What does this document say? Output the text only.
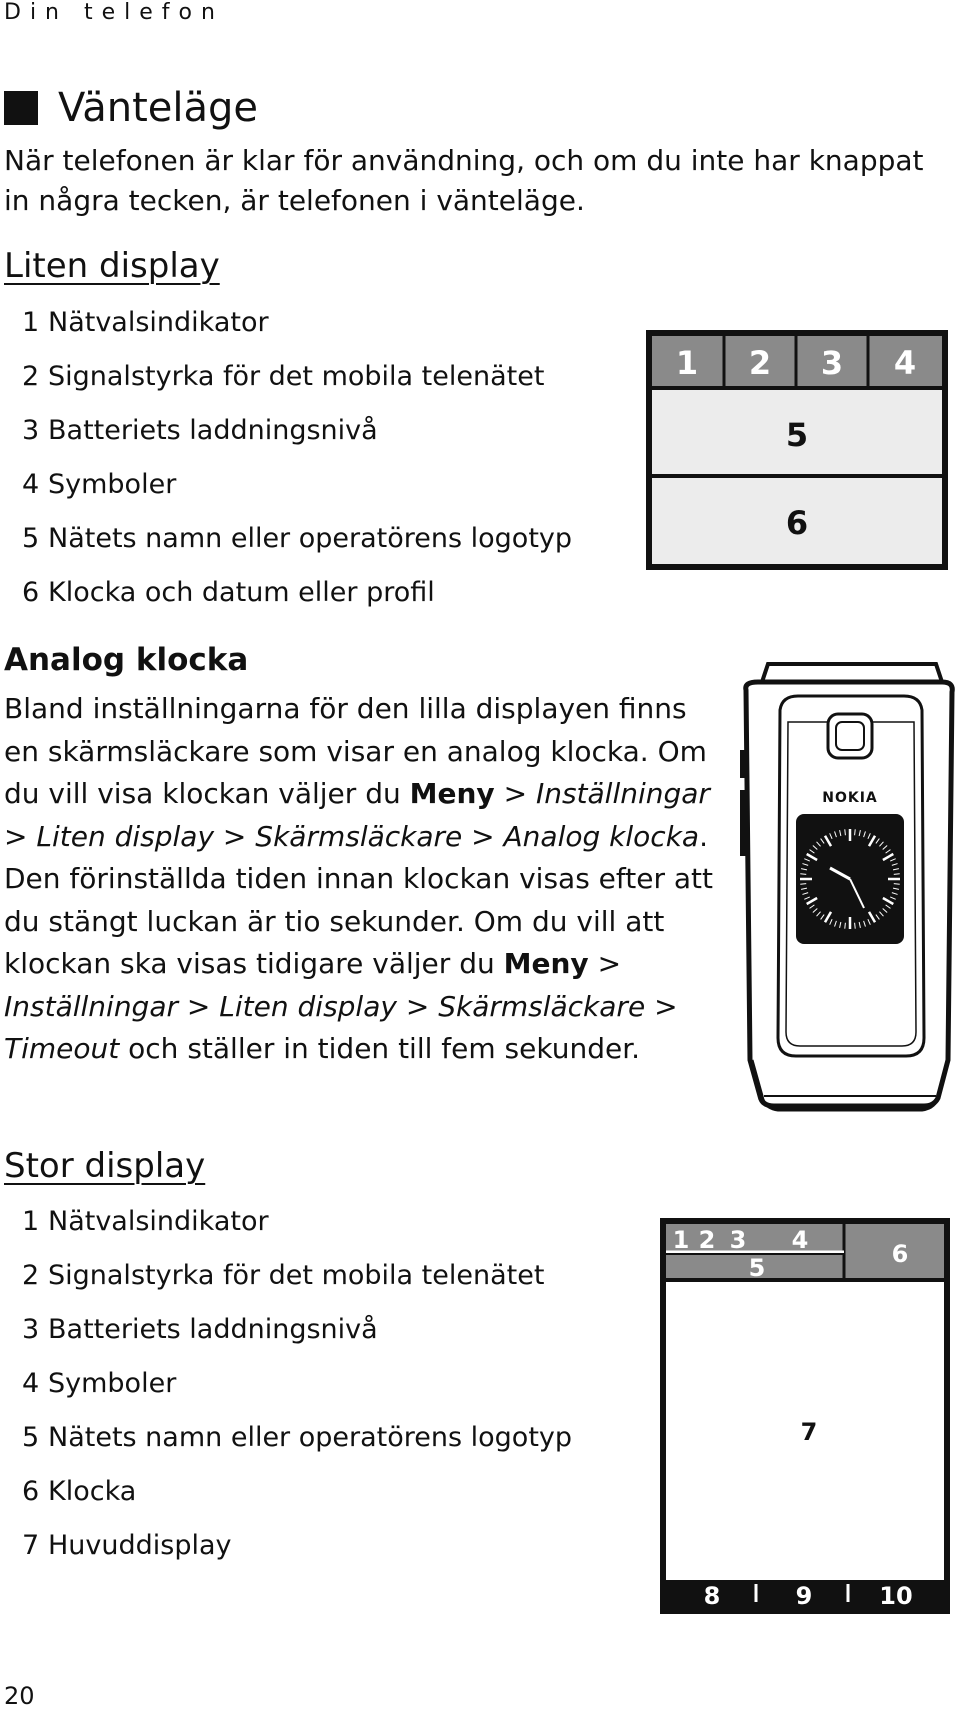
Din telefon
Vänteläge
När telefonen är klar för användning, och om du inte har knappat in några tecken, är telefonen i vänteläge.
Liten display
1 Nätvalsindikator
2 Signalstyrka för det mobila telenätet
3 Batteriets laddningsnivå
4 Symboler
5 Nätets namn eller operatörens logotyp
6 Klocka och datum eller profil
1 2 3 4
5
6
Analog klocka
Bland inställningarna för den lilla displayen finns en skärmsläckare som visar en analog klocka. Om du vill visa klockan väljer du Meny > Inställningar > Liten display > Skärmsläckare > Analog klocka. Den förinställda tiden innan klockan visas efter att du stängt luckan är tio sekunder. Om du vill att klockan ska visas tidigare väljer du Meny > Inställningar > Liten display > Skärmsläckare > Timeout och ställer in tiden till fem sekunder.
NOKIA
Stor display
1 Nätvalsindikator
2 Signalstyrka för det mobila telenätet
3 Batteriets laddningsnivå
4 Symboler
5 Nätets namn eller operatörens logotyp
6 Klocka
7 Huvuddisplay
1 2 3 4
5	6
7
8	9	10
20
